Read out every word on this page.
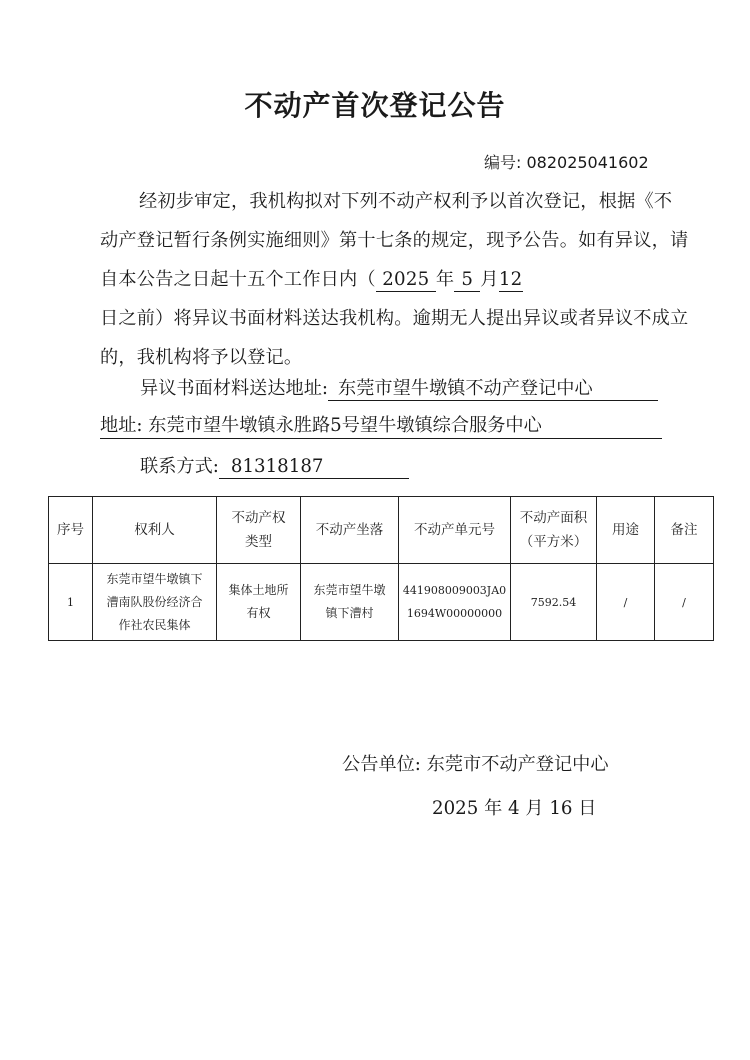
不动产首次登记公告
编号: 082025041602
经初步审定，我机构拟对下列不动产权利予以首次登记，根据《不动产登记暂行条例实施细则》第十七条的规定，现予公告。如有异议，请自本公告之日起十五个工作日内（ 2025 年 5 月12
日之前）将异议书面材料送达我机构。逾期无人提出异议或者异议不成立的，我机构将予以登记。
异议书面材料送达地址: 东莞市望牛墩镇不动产登记中心
地址: 东莞市望牛墩镇永胜路5号望牛墩镇综合服务中心
联系方式: 81318187
序号	权利人	不动产权类型	不动产坐落	不动产单元号	不动产面积（平方米）	用途	备注
1	东莞市望牛墩镇下漕南队股份经济合作社农民集体	集体土地所有权	东莞市望牛墩镇下漕村	441908009003JA01694W00000000	7592.54	/	/
公告单位: 东莞市不动产登记中心
2025 年 4 月 16 日
